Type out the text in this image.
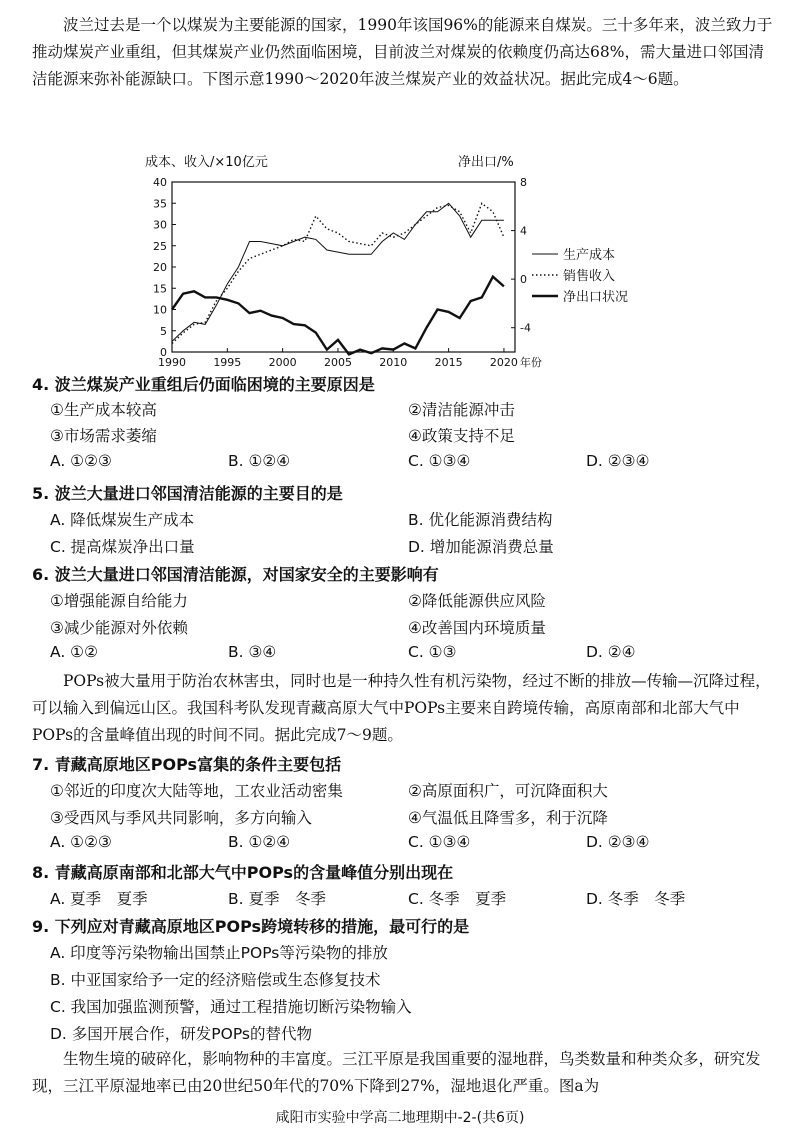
波兰过去是一个以煤炭为主要能源的国家，1990年该国96%的能源来自煤炭。三十多年来，波兰致力于推动煤炭产业重组，但其煤炭产业仍然面临困境，目前波兰对煤炭的依赖度仍高达68%，需大量进口邻国清洁能源来弥补能源缺口。下图示意1990～2020年波兰煤炭产业的效益状况。据此完成4～6题。

成本、收入/×10亿元	净出口/%
0
5
10
15
20
25
30
35
40
-4
0
4
8
1990 1995 2000 2005 2010 2015 2020 年份
生产成本
销售收入
净出口状况
4. 波兰煤炭产业重组后仍面临困境的主要原因是
①生产成本较高	②清洁能源冲击
③市场需求萎缩	④政策支持不足
A. ①②③	B. ①②④	C. ①③④	D. ②③④
5. 波兰大量进口邻国清洁能源的主要目的是
A. 降低煤炭生产成本	B. 优化能源消费结构
C. 提高煤炭净出口量	D. 增加能源消费总量
6. 波兰大量进口邻国清洁能源，对国家安全的主要影响有
①增强能源自给能力	②降低能源供应风险
③减少能源对外依赖	④改善国内环境质量
A. ①②	B. ③④	C. ①③	D. ②④

POPs被大量用于防治农林害虫，同时也是一种持久性有机污染物，经过不断的排放—传输—沉降过程，可以输入到偏远山区。我国科考队发现青藏高原大气中POPs主要来自跨境传输，高原南部和北部大气中POPs的含量峰值出现的时间不同。据此完成7～9题。

7. 青藏高原地区POPs富集的条件主要包括
①邻近的印度次大陆等地，工农业活动密集	②高原面积广，可沉降面积大
③受西风与季风共同影响，多方向输入	④气温低且降雪多，利于沉降
A. ①②③	B. ①②④	C. ①③④	D. ②③④
8. 青藏高原南部和北部大气中POPs的含量峰值分别出现在
A. 夏季　夏季	B. 夏季　冬季	C. 冬季　夏季	D. 冬季　冬季
9. 下列应对青藏高原地区POPs跨境转移的措施，最可行的是
A. 印度等污染物输出国禁止POPs等污染物的排放
B. 中亚国家给予一定的经济赔偿或生态修复技术
C. 我国加强监测预警，通过工程措施切断污染物输入
D. 多国开展合作，研发POPs的替代物

生物生境的破碎化，影响物种的丰富度。三江平原是我国重要的湿地群，鸟类数量和种类众多，研究发现，三江平原湿地率已由20世纪50年代的70%下降到27%，湿地退化严重。图a为

咸阳市实验中学高二地理期中-2-(共6页)
